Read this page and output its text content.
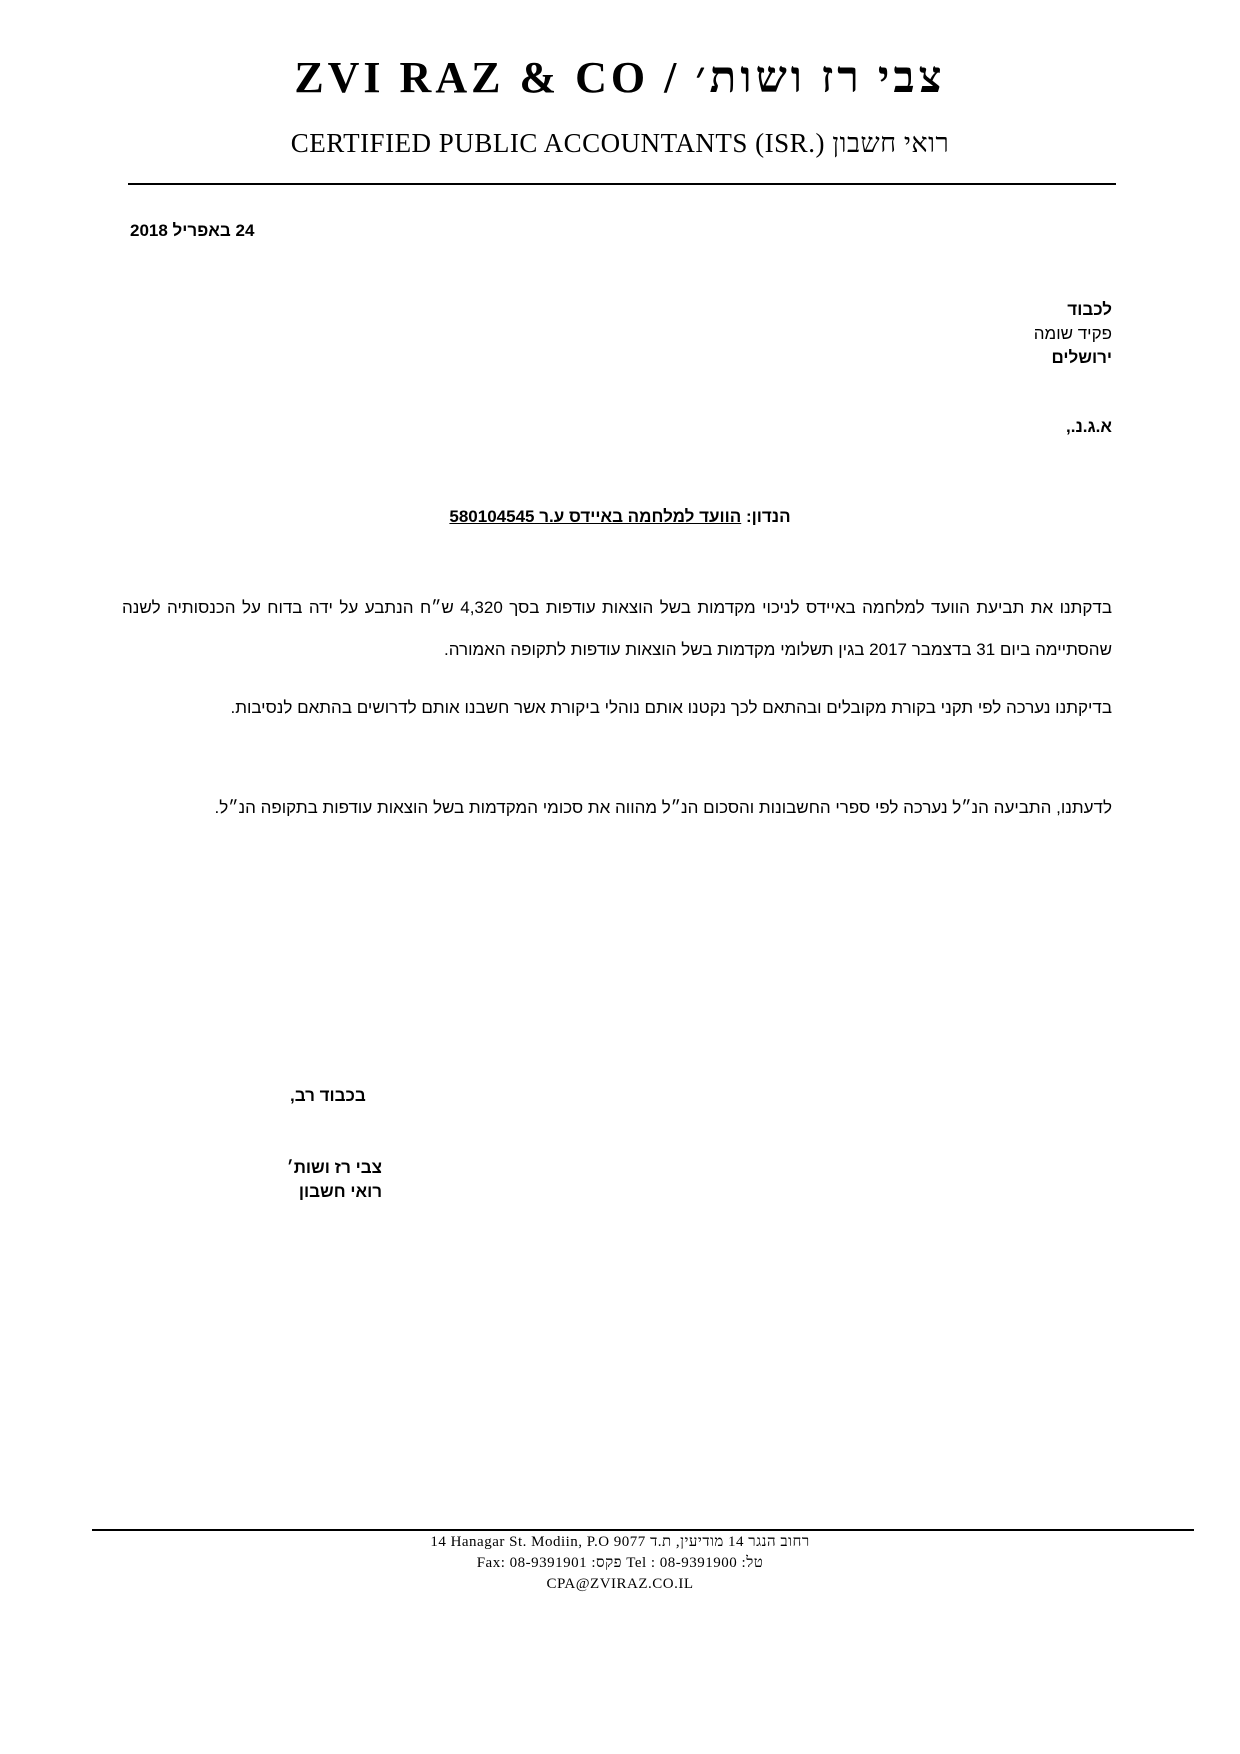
ZVI RAZ & CO / צבי רז ושות׳
CERTIFIED PUBLIC ACCOUNTANTS (ISR.) רואי חשבון
24 באפריל 2018
לכבוד
פקיד שומה
ירושלים
א.ג.נ.,
הנדון: הוועד למלחמה באיידס ע.ר 580104545
בדקתנו את תביעת הוועד למלחמה באיידס לניכוי מקדמות בשל הוצאות עודפות בסך 4,320 ש״ח הנתבע על ידה בדוח על הכנסותיה לשנה שהסתיימה ביום 31 בדצמבר 2017 בגין תשלומי מקדמות בשל הוצאות עודפות לתקופה האמורה.
בדיקתנו נערכה לפי תקני בקורת מקובלים ובהתאם לכך נקטנו אותם נוהלי ביקורת אשר חשבנו אותם לדרושים בהתאם לנסיבות.
לדעתנו, התביעה הנ״ל נערכה לפי ספרי החשבונות והסכום הנ״ל מהווה את סכומי המקדמות בשל הוצאות עודפות בתקופה הנ״ל.
בכבוד רב,
צבי רז ושות׳
רואי חשבון
14 Hanagar St. Modiin, P.O 9077 רחוב הנגר 14 מודיעין, ת.ד
Fax: 08-9391901 :פקס Tel : 08-9391900 :טל
CPA@ZVIRAZ.CO.IL
